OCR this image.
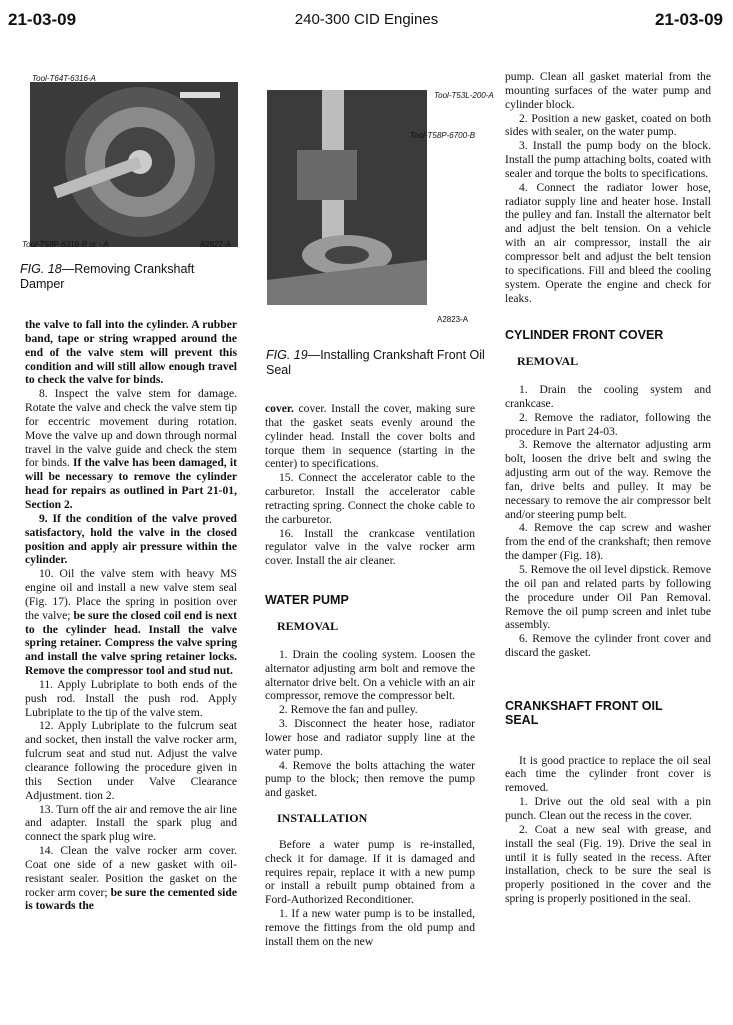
21-03-09	240-300 CID Engines	21-03-09
Tool-T64T-6316-A
Tool-T58P-6316-B or - A	A2822-A
FIG. 18—Removing Crankshaft Damper
Tool-T53L-200-A
Tool-T58P-6700-B
A2823-A
FIG. 19—Installing Crankshaft Front Oil Seal

the valve to fall into the cylinder. A rubber band, tape or string wrapped around the end of the valve stem will prevent this condition and will still allow enough travel to check the valve for binds.

8. Inspect the valve stem for damage. Rotate the valve and check the valve stem tip for eccentric movement during rotation. Move the valve up and down through normal travel in the valve guide and check the stem for binds. If the valve has been damaged, it will be necessary to remove the cylinder head for repairs as outlined in Part 21-01, Section 2.

9. If the condition of the valve proved satisfactory, hold the valve in the closed position and apply air pressure within the cylinder.

10. Oil the valve stem with heavy MS engine oil and install a new valve stem seal (Fig. 17). Place the spring in position over the valve; be sure the closed coil end is next to the cylinder head. Install the valve spring retainer. Compress the valve spring and install the valve spring retainer locks. Remove the compressor tool and stud nut.

11. Apply Lubriplate to both ends of the push rod. Install the push rod. Apply Lubriplate to the tip of the valve stem.

12. Apply Lubriplate to the fulcrum seat and socket, then install the valve rocker arm, fulcrum seat and stud nut. Adjust the valve clearance following the procedure given in this Section under Valve Clearance Adjustment. tion 2.

13. Turn off the air and remove the air line and adapter. Install the spark plug and connect the spark plug wire.

14. Clean the valve rocker arm cover. Coat one side of a new gasket with oil-resistant sealer. Position the gasket on the rocker arm cover; be sure the cemented side is towards the

cover. cover. Install the cover, making sure that the gasket seats evenly around the cylinder head. Install the cover bolts and torque them in sequence (starting in the center) to specifications.

15. Connect the accelerator cable to the carburetor. Install the accelerator cable retracting spring. Connect the choke cable to the carburetor.

16. Install the crankcase ventilation regulator valve in the valve rocker arm cover. Install the air cleaner.

WATER PUMP

REMOVAL

1. Drain the cooling system. Loosen the alternator adjusting arm bolt and remove the alternator drive belt. On a vehicle with an air compressor, remove the compressor belt.

2. Remove the fan and pulley.

3. Disconnect the heater hose, radiator lower hose and radiator supply line at the water pump.

4. Remove the bolts attaching the water pump to the block; then remove the pump and gasket.

INSTALLATION

Before a water pump is re-installed, check it for damage. If it is damaged and requires repair, replace it with a new pump or install a rebuilt pump obtained from a Ford-Authorized Reconditioner.

1. If a new water pump is to be installed, remove the fittings from the old pump and install them on the new

pump. Clean all gasket material from the mounting surfaces of the water pump and cylinder block.

2. Position a new gasket, coated on both sides with sealer, on the water pump.

3. Install the pump body on the block. Install the pump attaching bolts, coated with sealer and torque the bolts to specifications.

4. Connect the radiator lower hose, radiator supply line and heater hose. Install the pulley and fan. Install the alternator belt and adjust the belt tension. On a vehicle with an air compressor, install the air compressor belt and adjust the belt tension to specifications. Fill and bleed the cooling system. Operate the engine and check for leaks.

CYLINDER FRONT COVER

REMOVAL

1. Drain the cooling system and crankcase.

2. Remove the radiator, following the procedure in Part 24-03.

3. Remove the alternator adjusting arm bolt, loosen the drive belt and swing the adjusting arm out of the way. Remove the fan, drive belts and pulley. It may be necessary to remove the air compressor belt and/or steering pump belt.

4. Remove the cap screw and washer from the end of the crankshaft; then remove the damper (Fig. 18).

5. Remove the oil level dipstick. Remove the oil pan and related parts by following the procedure under Oil Pan Removal. Remove the oil pump screen and inlet tube assembly.

6. Remove the cylinder front cover and discard the gasket.

CRANKSHAFT FRONT OIL SEAL

It is good practice to replace the oil seal each time the cylinder front cover is removed.

1. Drive out the old seal with a pin punch. Clean out the recess in the cover.

2. Coat a new seal with grease, and install the seal (Fig. 19). Drive the seal in until it is fully seated in the recess. After installation, check to be sure the seal is properly positioned in the cover and the spring is properly positioned in the seal.
